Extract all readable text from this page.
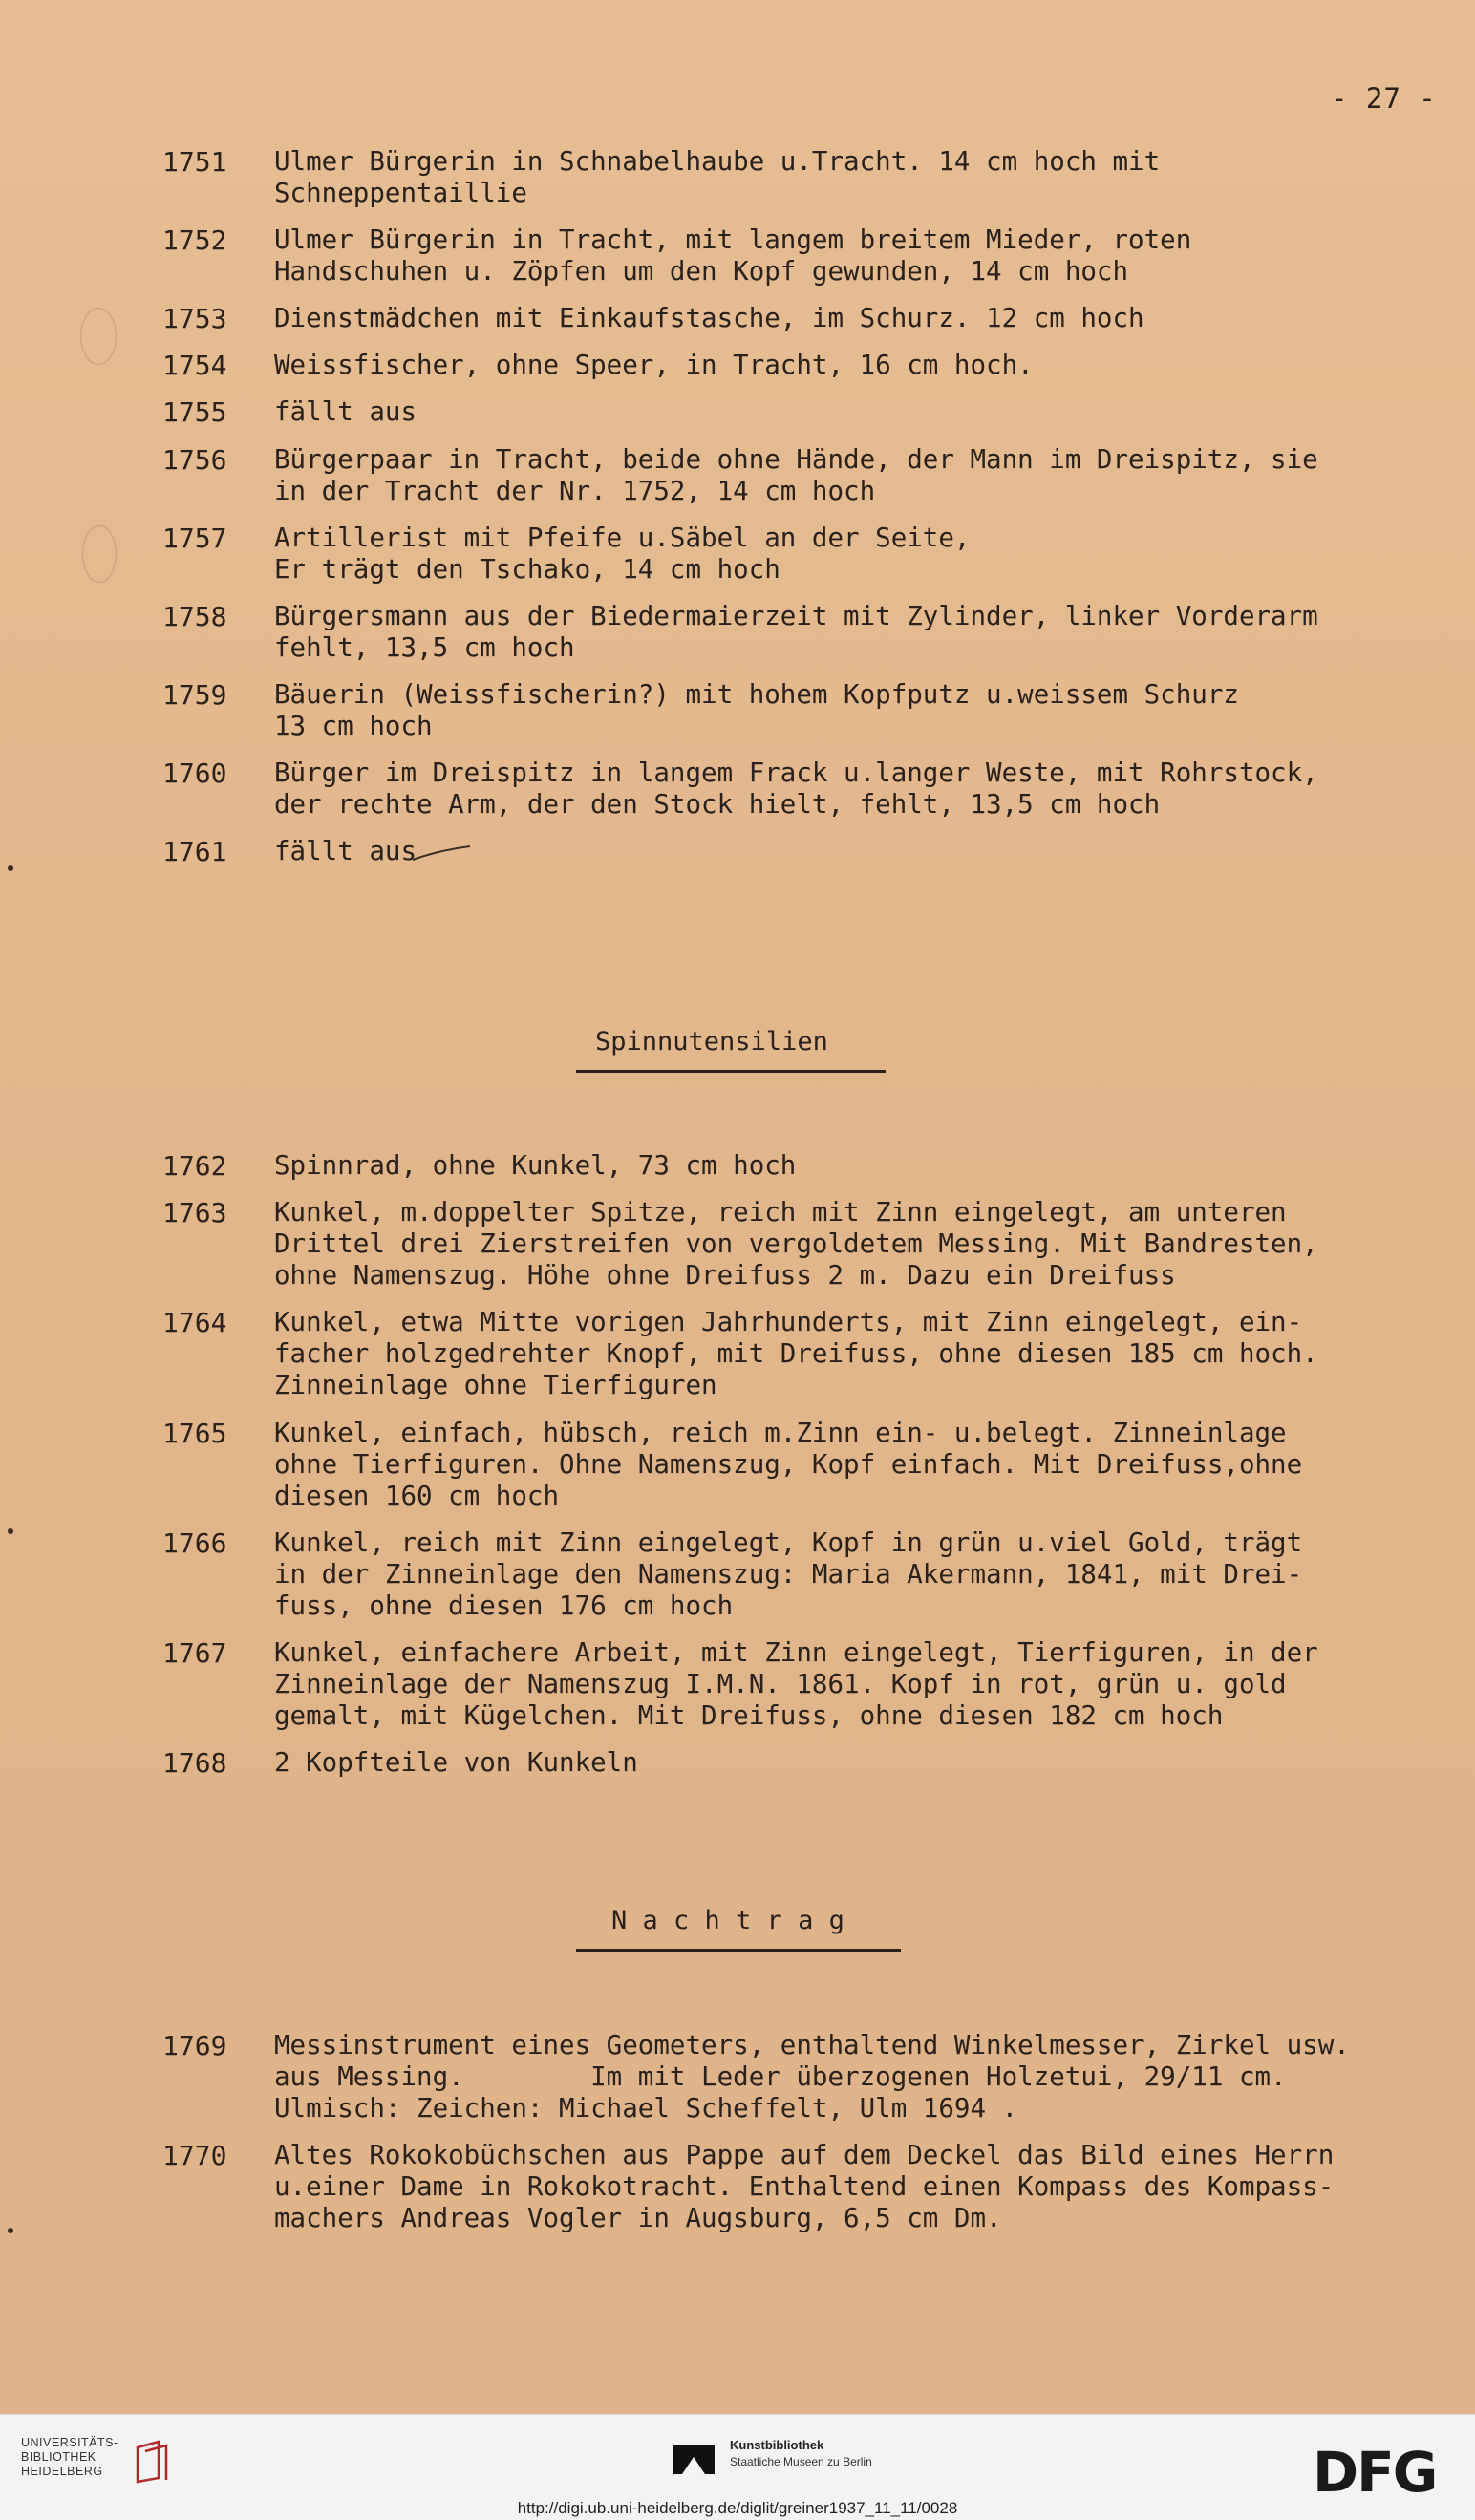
- 27 -
1751 Ulmer Bürgerin in Schnabelhaube u.Tracht. 14 cm hoch mit
Schneppentaillie
1752 Ulmer Bürgerin in Tracht, mit langem breitem Mieder, roten
Handschuhen u. Zöpfen um den Kopf gewunden, 14 cm hoch
1753 Dienstmädchen mit Einkaufstasche, im Schurz. 12 cm hoch
1754 Weissfischer, ohne Speer, in Tracht, 16 cm hoch.
1755 fällt aus
1756 Bürgerpaar in Tracht, beide ohne Hände, der Mann im Dreispitz, sie
in der Tracht der Nr. 1752, 14 cm hoch
1757 Artillerist mit Pfeife u.Säbel an der Seite,
Er trägt den Tschako, 14 cm hoch
1758 Bürgersmann aus der Biedermaierzeit mit Zylinder, linker Vorderarm
fehlt, 13,5 cm hoch
1759 Bäuerin (Weissfischerin?) mit hohem Kopfputz u.weissem Schurz
13 cm hoch
1760 Bürger im Dreispitz in langem Frack u.langer Weste, mit Rohrstock,
der rechte Arm, der den Stock hielt, fehlt, 13,5 cm hoch
1761 fällt aus
Spinnutensilien
1762 Spinnrad, ohne Kunkel, 73 cm hoch
1763 Kunkel, m.doppelter Spitze, reich mit Zinn eingelegt, am unteren
Drittel drei Zierstreifen von vergoldetem Messing. Mit Bandresten,
ohne Namenszug. Höhe ohne Dreifuss 2 m. Dazu ein Dreifuss
1764 Kunkel, etwa Mitte vorigen Jahrhunderts, mit Zinn eingelegt, ein-
facher holzgedrehter Knopf, mit Dreifuss, ohne diesen 185 cm hoch.
Zinneinlage ohne Tierfiguren
1765 Kunkel, einfach, hübsch, reich m.Zinn ein- u.belegt. Zinneinlage
ohne Tierfiguren. Ohne Namenszug, Kopf einfach. Mit Dreifuss,ohne
diesen 160 cm hoch
1766 Kunkel, reich mit Zinn eingelegt, Kopf in grün u.viel Gold, trägt
in der Zinneinlage den Namenszug: Maria Akermann, 1841, mit Drei-
fuss, ohne diesen 176 cm hoch
1767 Kunkel, einfachere Arbeit, mit Zinn eingelegt, Tierfiguren, in der
Zinneinlage der Namenszug I.M.N. 1861. Kopf in rot, grün u. gold
gemalt, mit Kügelchen. Mit Dreifuss, ohne diesen 182 cm hoch
1768 2 Kopfteile von Kunkeln
N a c h t r a g
1769 Messinstrument eines Geometers, enthaltend Winkelmesser, Zirkel usw.
aus Messing.        Im mit Leder überzogenen Holzetui, 29/11 cm.
Ulmisch: Zeichen: Michael Scheffelt, Ulm 1694 .
1770 Altes Rokokobüchschen aus Pappe auf dem Deckel das Bild eines Herrn
u.einer Dame in Rokokotracht. Enthaltend einen Kompass des Kompass-
machers Andreas Vogler in Augsburg, 6,5 cm Dm.
UNIVERSITÄTS-
BIBLIOTHEK
HEIDELBERG
Kunstbibliothek
Staatliche Museen zu Berlin	DFG
http://digi.ub.uni-heidelberg.de/diglit/greiner1937_11_11/0028
